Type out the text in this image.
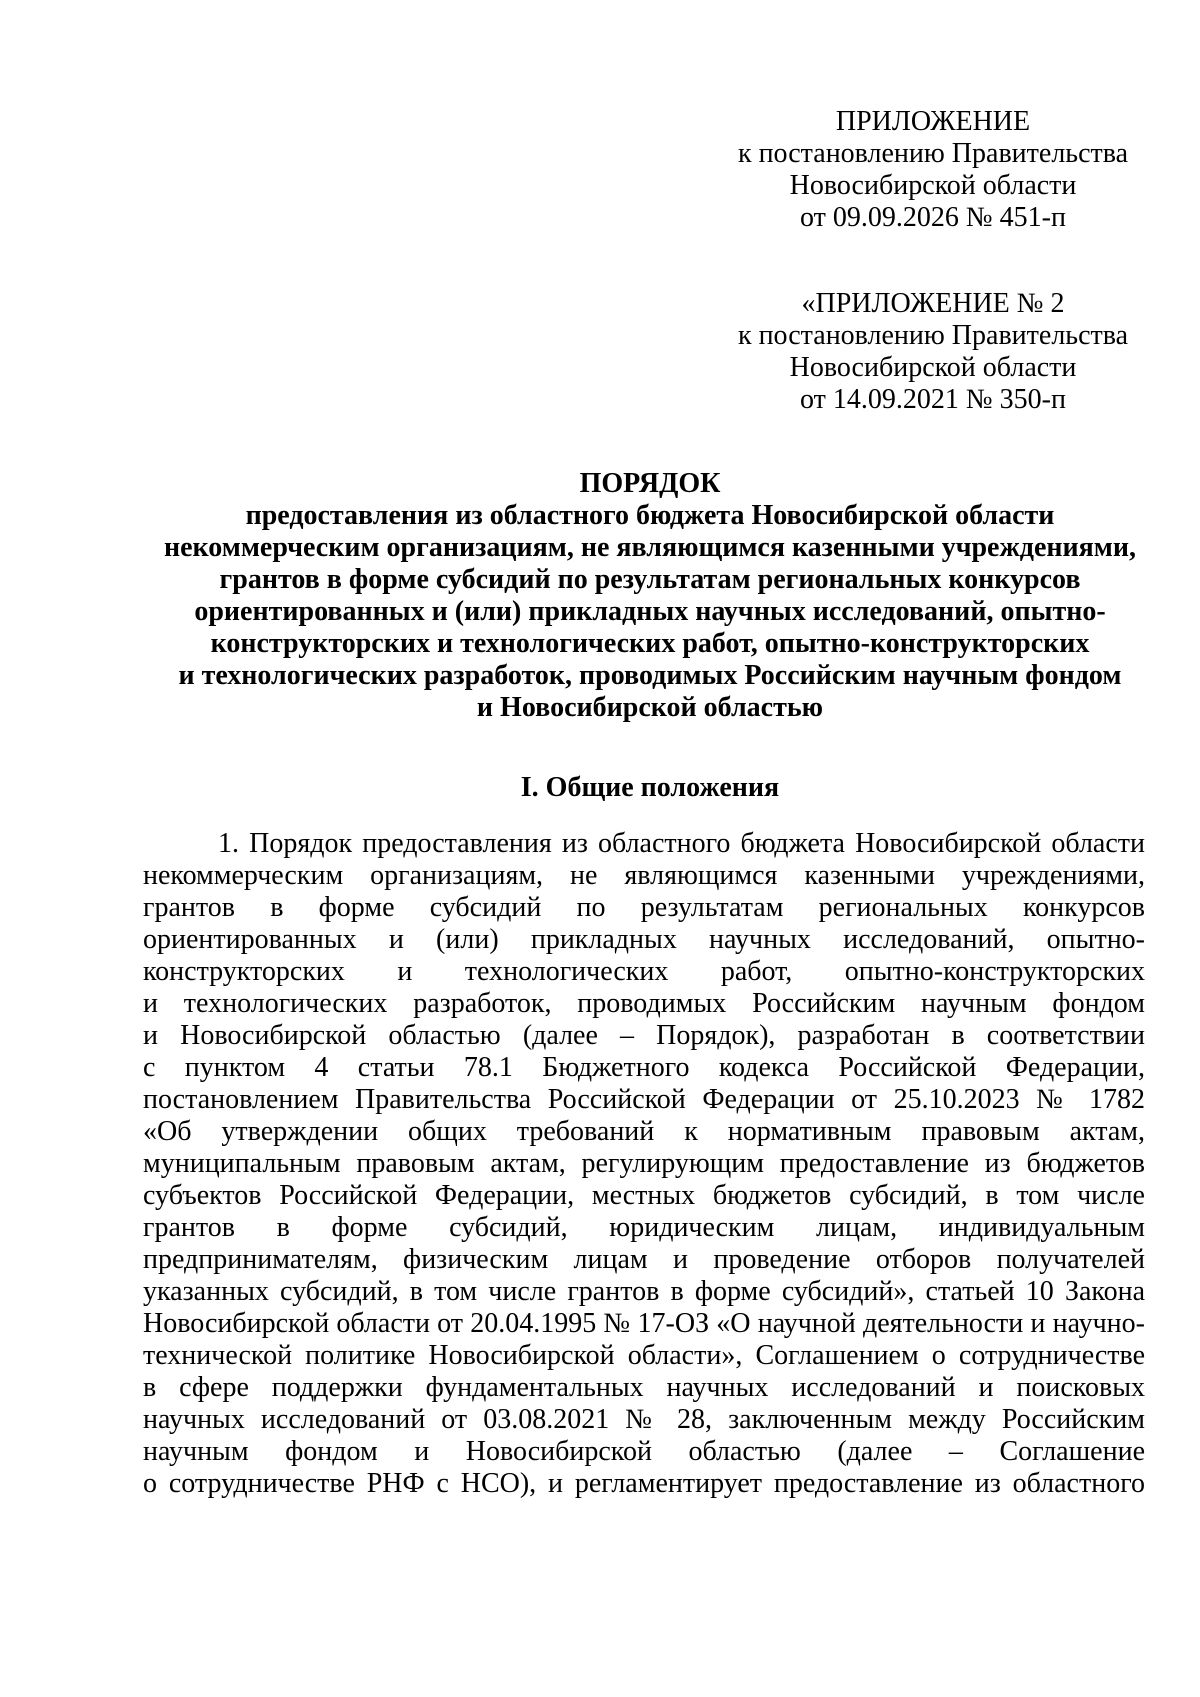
ПРИЛОЖЕНИЕ
к постановлению Правительства
Новосибирской области
от 09.09.2026 № 451-п
«ПРИЛОЖЕНИЕ № 2
к постановлению Правительства
Новосибирской области
от 14.09.2021 № 350-п
ПОРЯДОК
предоставления из областного бюджета Новосибирской области
некоммерческим организациям, не являющимся казенными учреждениями,
грантов в форме субсидий по результатам региональных конкурсов
ориентированных и (или) прикладных научных исследований, опытно-
конструкторских и технологических работ, опытно-конструкторских
и технологических разработок, проводимых Российским научным фондом
и Новосибирской областью
I. Общие положения
1. Порядок предоставления из областного бюджета Новосибирской области
некоммерческим организациям, не являющимся казенными учреждениями,
грантов в форме субсидий по результатам региональных конкурсов
ориентированных и (или) прикладных научных исследований, опытно-
конструкторских и технологических работ, опытно-конструкторских
и технологических разработок, проводимых Российским научным фондом
и Новосибирской областью (далее – Порядок), разработан в соответствии
с пунктом 4 статьи 78.1 Бюджетного кодекса Российской Федерации,
постановлением Правительства Российской Федерации от 25.10.2023 № 1782
«Об утверждении общих требований к нормативным правовым актам,
муниципальным правовым актам, регулирующим предоставление из бюджетов
субъектов Российской Федерации, местных бюджетов субсидий, в том числе
грантов в форме субсидий, юридическим лицам, индивидуальным
предпринимателям, физическим лицам и проведение отборов получателей
указанных субсидий, в том числе грантов в форме субсидий», статьей 10 Закона
Новосибирской области от 20.04.1995 № 17-ОЗ «О научной деятельности и научно-
технической политике Новосибирской области», Соглашением о сотрудничестве
в сфере поддержки фундаментальных научных исследований и поисковых
научных исследований от 03.08.2021 № 28, заключенным между Российским
научным фондом и Новосибирской областью (далее – Соглашение
о сотрудничестве РНФ с НСО), и регламентирует предоставление из областного
